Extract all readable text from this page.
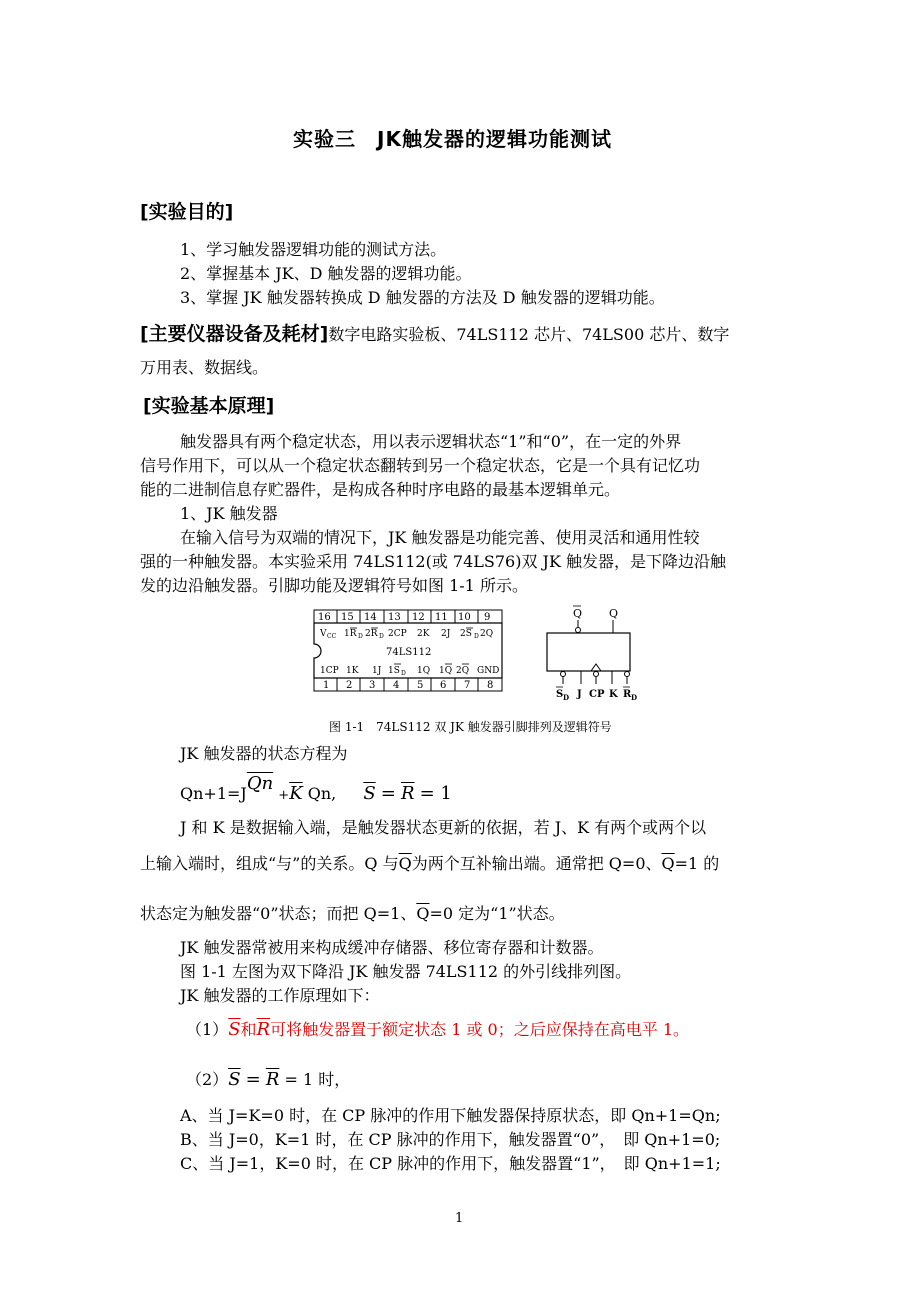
实验三　JK触发器的逻辑功能测试
[实验目的]
1、学习触发器逻辑功能的测试方法。
2、掌握基本 JK、D 触发器的逻辑功能。
3、掌握 JK 触发器转换成 D 触发器的方法及 D 触发器的逻辑功能。
[主要仪器设备及耗材]数字电路实验板、74LS112 芯片、74LS00 芯片、数字
万用表、数据线。
[实验基本原理]
触发器具有两个稳定状态，用以表示逻辑状态“1”和“0”，在一定的外界
信号作用下，可以从一个稳定状态翻转到另一个稳定状态，它是一个具有记忆功
能的二进制信息存贮器件，是构成各种时序电路的最基本逻辑单元。
1、JK 触发器
在输入信号为双端的情况下，JK 触发器是功能完善、使用灵活和通用性较
强的一种触发器。本实验采用 74LS112(或 74LS76)双 JK 触发器，是下降边沿触
发的边沿触发器。引脚功能及逻辑符号如图 1-1 所示。
16 15 14 13 12 11 10 9
V CC 1R D 2R D 2CP 2K 2J 2S D 2Q
74LS112
1CP 1K 1J 1S D 1Q 1Q 2Q GND
1 2 3 4 5 6 7 8
Q Q
S D J CP K R D
图 1-1　74LS112 双 JK 触发器引脚排列及逻辑符号
JK 触发器的状态方程为
$Qn+1=J\overline{Qn} +\overline{K}$ Qn, $\overline{S} = \overline{R} = 1$
J 和 K 是数据输入端，是触发器状态更新的依据，若 J、K 有两个或两个以
上输入端时，组成“与”的关系。Q 与$\overline{Q}$为两个互补输出端。通常把 Q=0、$\overline{Q}=1$ 的
状态定为触发器“0”状态；而把 Q=1、$\overline{Q}=0$ 定为“1”状态。
JK 触发器常被用来构成缓冲存储器、移位寄存器和计数器。
图 1-1 左图为双下降沿 JK 触发器 74LS112 的外引线排列图。
JK 触发器的工作原理如下：
$(1)\overline{S}$和$\overline{R}$可将触发器置于额定状态 1 或 0；之后应保持在高电平 1。
$(2)\overline{S} = \overline{R} = 1$ 时，
A、当 J=K=0 时，在 CP 脉冲的作用下触发器保持原状态，即 Qn+1=Qn;
B、当 J=0，K=1 时，在 CP 脉冲的作用下，触发器置“0”，　即 Qn+1=0;
C、当 J=1，K=0 时，在 CP 脉冲的作用下，触发器置“1”，　即 Qn+1=1;
1
